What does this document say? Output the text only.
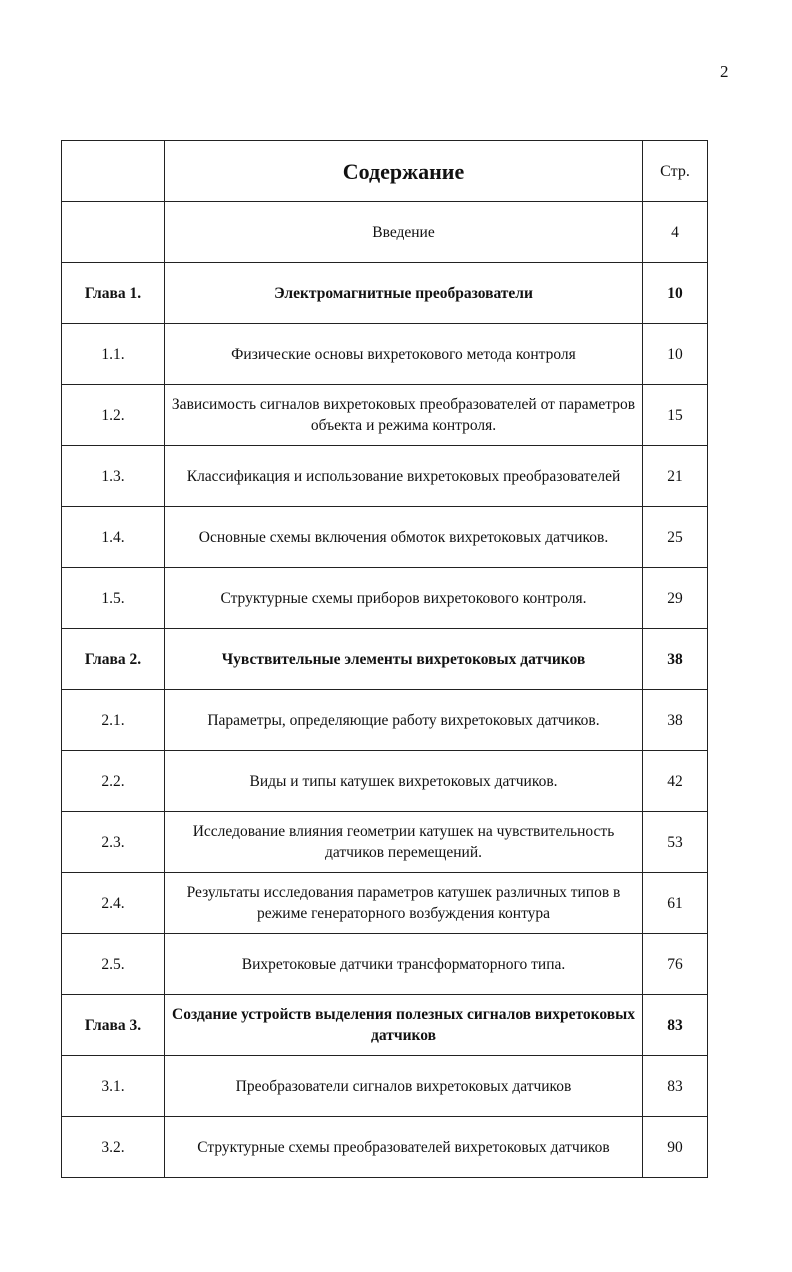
2
	Содержание	Стр.
	Введение	4
Глава 1.	Электромагнитные преобразователи	10
1.1.	Физические основы вихретокового метода контроля	10
1.2.	Зависимость сигналов вихретоковых преобразователей от параметров объекта и режима контроля.	15
1.3.	Классификация и использование вихретоковых преобразователей	21
1.4.	Основные схемы включения обмоток вихретоковых датчиков.	25
1.5.	Структурные схемы приборов вихретокового контроля.	29
Глава 2.	Чувствительные элементы вихретоковых датчиков	38
2.1.	Параметры, определяющие работу вихретоковых датчиков.	38
2.2.	Виды и типы катушек вихретоковых датчиков.	42
2.3.	Исследование влияния геометрии катушек на чувствительность датчиков перемещений.	53
2.4.	Результаты исследования параметров катушек различных типов в режиме генераторного возбуждения контура	61
2.5.	Вихретоковые датчики трансформаторного типа.	76
Глава 3.	Создание устройств выделения полезных сигналов вихретоковых датчиков	83
3.1.	Преобразователи сигналов вихретоковых датчиков	83
3.2.	Структурные схемы преобразователей вихретоковых датчиков	90
